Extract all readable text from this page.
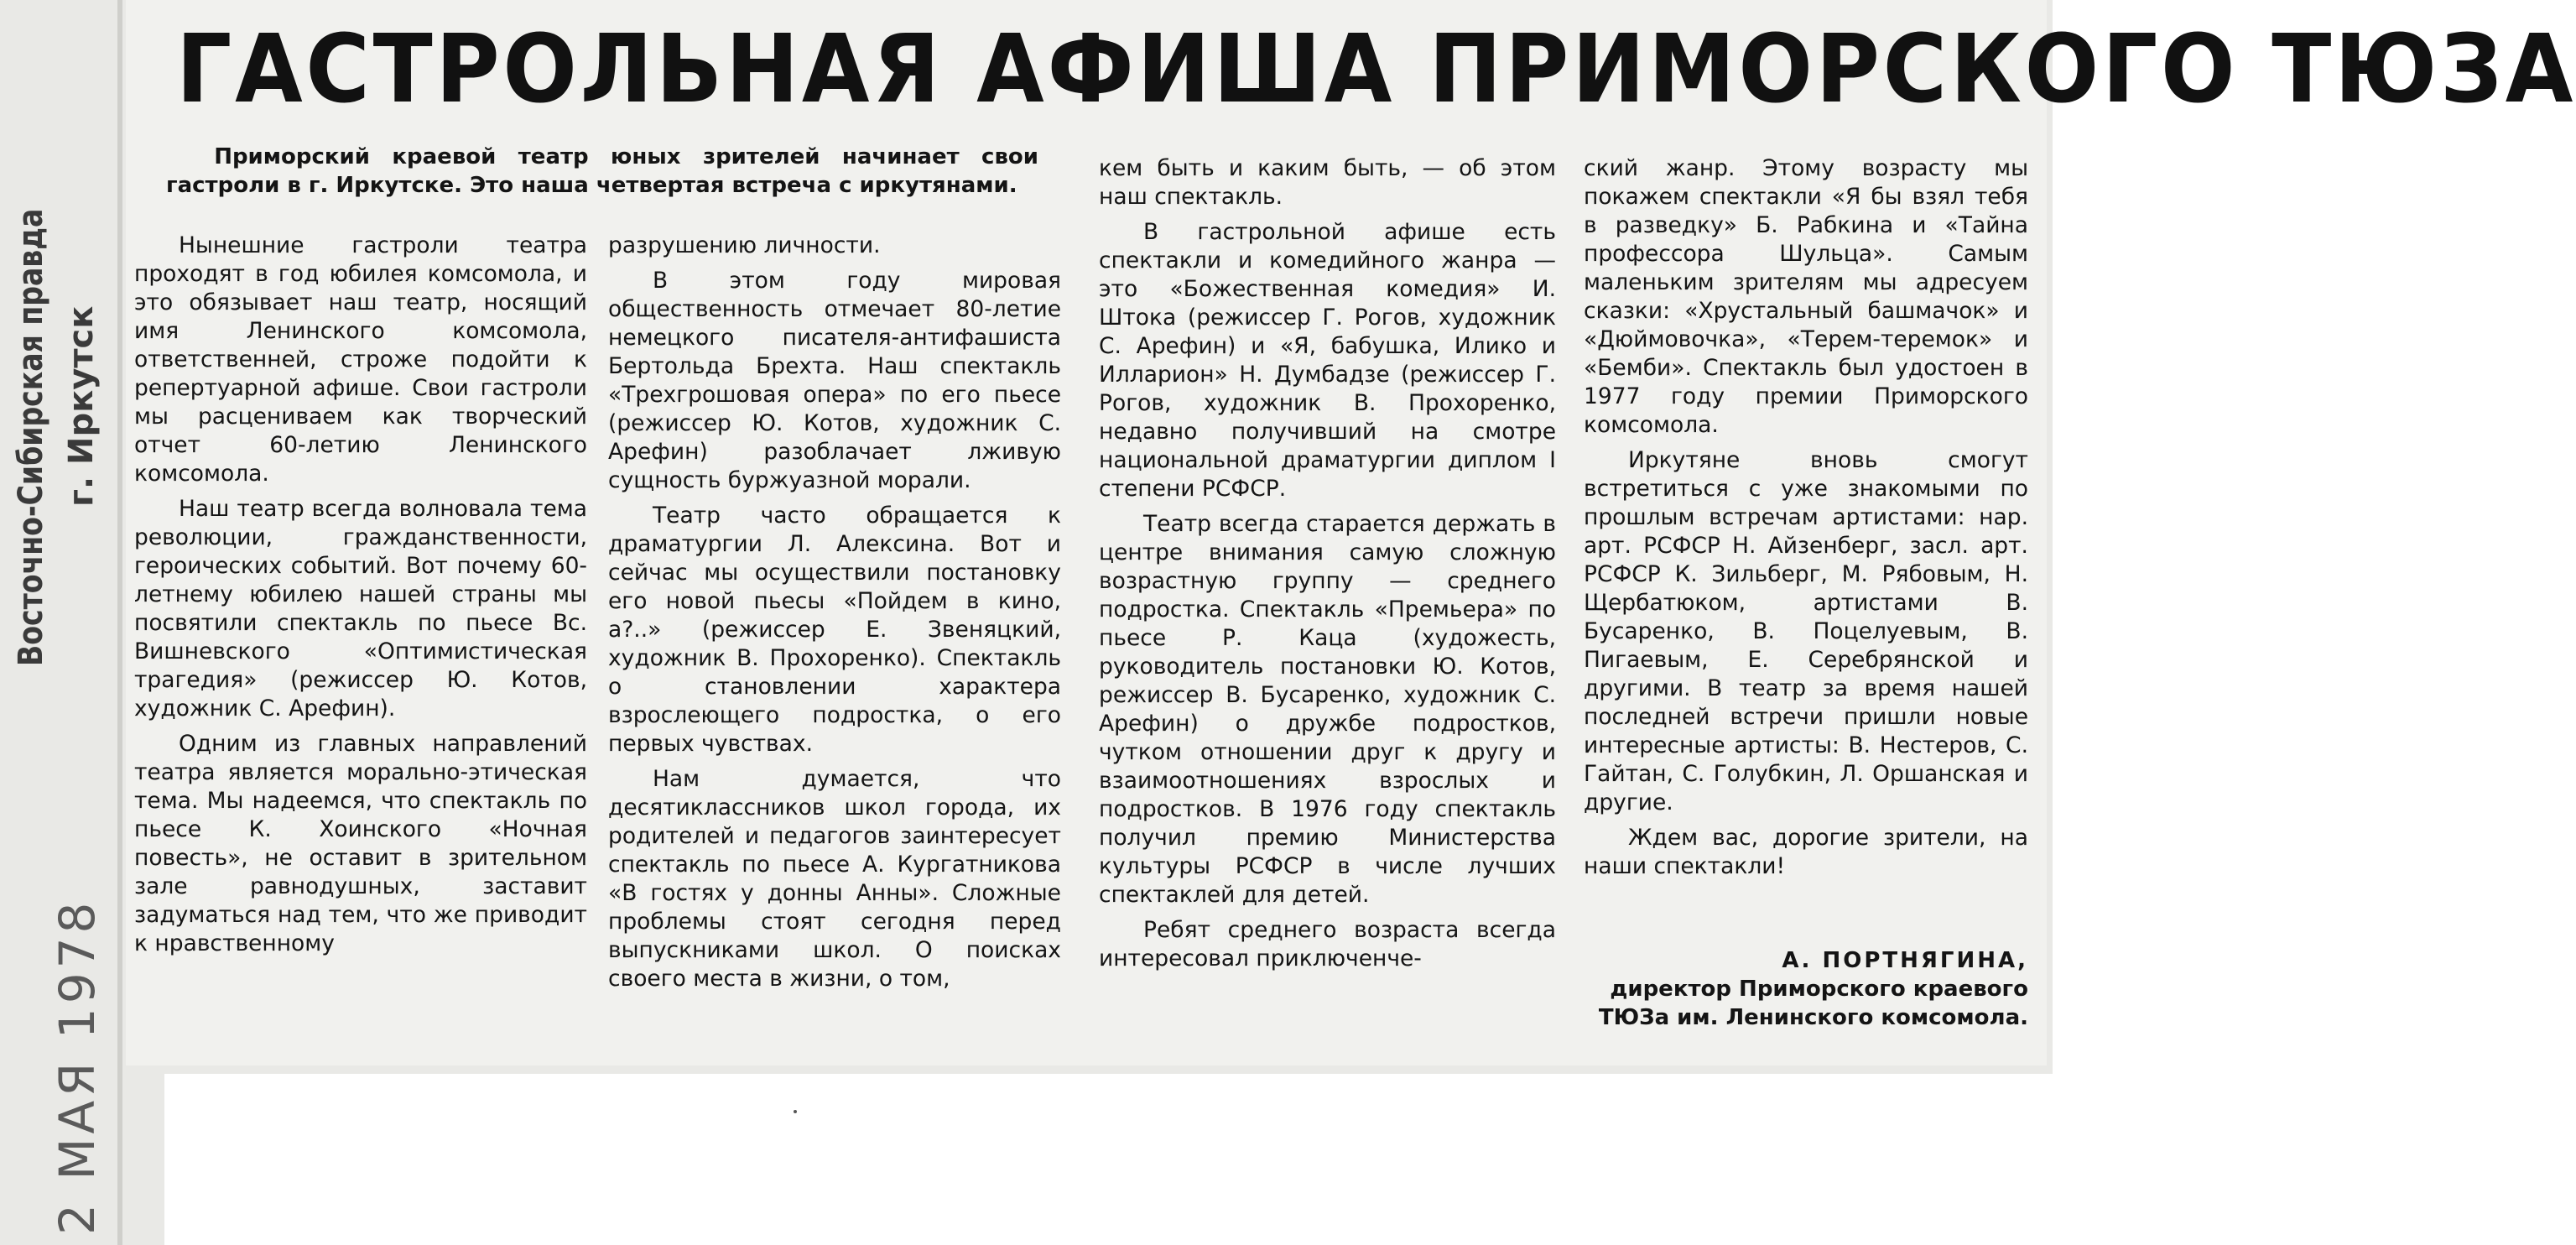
2 МАЯ 1978
Восточно-Сибирская правда г. Иркутск
ГАСТРОЛЬНАЯ АФИША ПРИМОРСКОГО ТЮЗА

Приморский краевой театр юных зрителей начинает свои гастроли в г. Иркутске. Это наша четвертая встреча с иркутянами.

Нынешние гастроли театра проходят в год юбилея комсомола, и это обязывает наш театр, носящий имя Ленинского комсомола, ответственней, строже подойти к репертуарной афише. Свои гастроли мы расцениваем как творческий отчет 60-летию Ленинского комсомола.

Наш театр всегда волновала тема революции, гражданственности, героических событий. Вот почему 60-летнему юбилею нашей страны мы посвятили спектакль по пьесе Вс. Вишневского «Оптимистическая трагедия» (режиссер Ю. Котов, художник С. Арефин).

Одним из главных направлений театра является морально-этическая тема. Мы надеемся, что спектакль по пьесе К. Хоинского «Ночная повесть», не оставит в зрительном зале равнодушных, заставит задуматься над тем, что же приводит к нравственному

разрушению личности.

В этом году мировая общественность отмечает 80-летие немецкого писателя-антифашиста Бертольда Брехта. Наш спектакль «Трехгрошовая опера» по его пьесе (режиссер Ю. Котов, художник С. Арефин) разоблачает лживую сущность буржуазной морали.

Театр часто обращается к драматургии Л. Алексина. Вот и сейчас мы осуществили постановку его новой пьесы «Пойдем в кино, а?..» (режиссер Е. Звеняцкий, художник В. Прохоренко). Спектакль о становлении характера взрослеющего подростка, о его первых чувствах.

Нам думается, что десятиклассников школ города, их родителей и педагогов заинтересует спектакль по пьесе А. Кургатникова «В гостях у донны Анны». Сложные проблемы стоят сегодня перед выпускниками школ. О поисках своего места в жизни, о том,

кем быть и каким быть, — об этом наш спектакль.

В гастрольной афише есть спектакли и комедийного жанра — это «Божественная комедия» И. Штока (режиссер Г. Рогов, художник С. Арефин) и «Я, бабушка, Илико и Илларион» Н. Думбадзе (режиссер Г. Рогов, художник В. Прохоренко, недавно получивший на смотре национальной драматургии диплом I степени РСФСР.

Театр всегда старается держать в центре внимания самую сложную возрастную группу — среднего подростка. Спектакль «Премьера» по пьесе Р. Каца (художесть, руководитель постановки Ю. Котов, режиссер В. Бусаренко, художник С. Арефин) о дружбе подростков, чутком отношении друг к другу и взаимоотношениях взрослых и подростков. В 1976 году спектакль получил премию Министерства культуры РСФСР в числе лучших спектаклей для детей.

Ребят среднего возраста всегда интересовал приключенче-

ский жанр. Этому возрасту мы покажем спектакли «Я бы взял тебя в разведку» Б. Рабкина и «Тайна профессора Шульца». Самым маленьким зрителям мы адресуем сказки: «Хрустальный башмачок» и «Дюймовочка», «Терем-теремок» и «Бемби». Спектакль был удостоен в 1977 году премии Приморского комсомола.

Иркутяне вновь смогут встретиться с уже знакомыми по прошлым встречам артистами: нар. арт. РСФСР Н. Айзенберг, засл. арт. РСФСР К. Зильберг, М. Рябовым, Н. Щербатюком, артистами В. Бусаренко, В. Поцелуевым, В. Пигаевым, Е. Серебрянской и другими. В театр за время нашей последней встречи пришли новые интересные артисты: В. Нестеров, С. Гайтан, С. Голубкин, Л. Оршанская и другие.

Ждем вас, дорогие зрители, на наши спектакли!

А. ПОРТНЯГИНА,
директор Приморского краевого ТЮЗа им. Ленинского комсомола.
